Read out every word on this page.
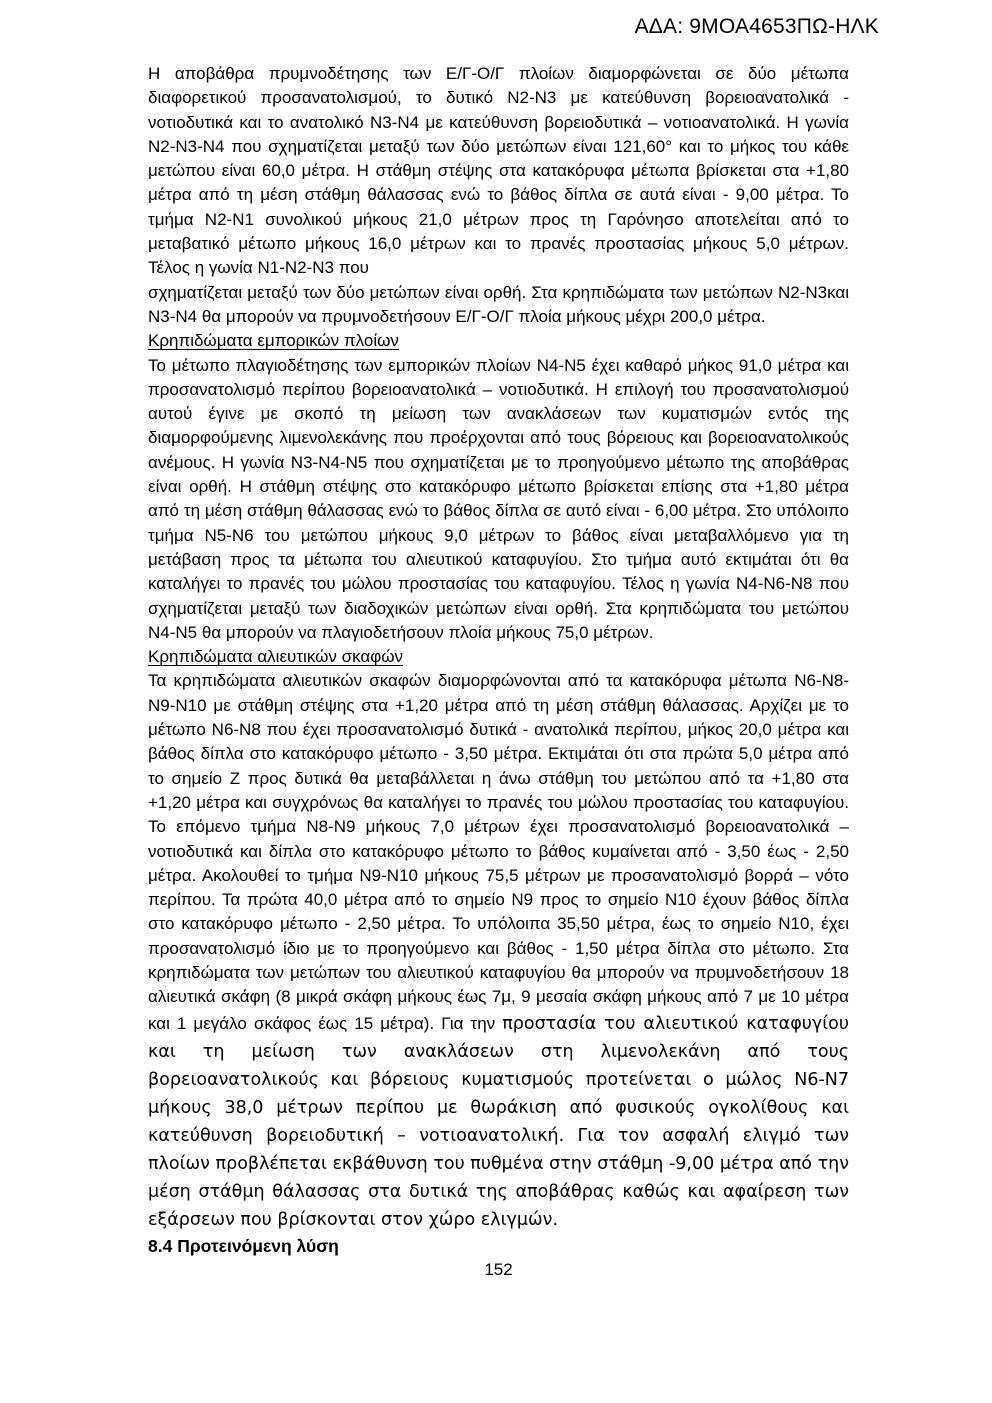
ΑΔΑ: 9ΜΟΑ4653ΠΩ-ΗΛΚ

Η αποβάθρα πρυμνοδέτησης των Ε/Γ-Ο/Γ πλοίων διαμορφώνεται σε δύο μέτωπα διαφορετικού προσανατολισμού, το δυτικό Ν2-Ν3 με κατεύθυνση βορειοανατολικά - νοτιοδυτικά και το ανατολικό Ν3-Ν4 με κατεύθυνση βορειοδυτικά – νοτιοανατολικά. Η γωνία Ν2-Ν3-Ν4 που σχηματίζεται μεταξύ των δύο μετώπων είναι 121,60° και το μήκος του κάθε μετώπου είναι 60,0 μέτρα. Η στάθμη στέψης στα κατακόρυφα μέτωπα βρίσκεται στα +1,80 μέτρα από τη μέση στάθμη θάλασσας ενώ το βάθος δίπλα σε αυτά είναι - 9,00 μέτρα. Το τμήμα Ν2-Ν1 συνολικού μήκους 21,0 μέτρων προς τη Γαρόνησο αποτελείται από το μεταβατικό μέτωπο μήκους 16,0 μέτρων και το πρανές προστασίας μήκους 5,0 μέτρων. Τέλος η γωνία Ν1-Ν2-Ν3 που

σχηματίζεται μεταξύ των δύο μετώπων είναι ορθή. Στα κρηπιδώματα των μετώπων Ν2-Ν3και Ν3-Ν4 θα μπορούν να πρυμνοδετήσουν Ε/Γ-Ο/Γ πλοία μήκους μέχρι 200,0 μέτρα.

Κρηπιδώματα εμπορικών πλοίων

Το μέτωπο πλαγιοδέτησης των εμπορικών πλοίων Ν4-Ν5 έχει καθαρό μήκος 91,0 μέτρα και προσανατολισμό περίπου βορειοανατολικά – νοτιοδυτικά. Η επιλογή του προσανατολισμού αυτού έγινε με σκοπό τη μείωση των ανακλάσεων των κυματισμών εντός της διαμορφούμενης λιμενολεκάνης που προέρχονται από τους βόρειους και βορειοανατολικούς ανέμους. Η γωνία Ν3-Ν4-Ν5 που σχηματίζεται με το προηγούμενο μέτωπο της αποβάθρας είναι ορθή. Η στάθμη στέψης στο κατακόρυφο μέτωπο βρίσκεται επίσης στα +1,80 μέτρα από τη μέση στάθμη θάλασσας ενώ το βάθος δίπλα σε αυτό είναι - 6,00 μέτρα. Στο υπόλοιπο τμήμα Ν5-Ν6 του μετώπου μήκους 9,0 μέτρων το βάθος είναι μεταβαλλόμενο για τη μετάβαση προς τα μέτωπα του αλιευτικού καταφυγίου. Στο τμήμα αυτό εκτιμάται ότι θα καταλήγει το πρανές του μώλου προστασίας του καταφυγίου. Τέλος η γωνία Ν4-Ν6-Ν8 που σχηματίζεται μεταξύ των διαδοχικών μετώπων είναι ορθή. Στα κρηπιδώματα του μετώπου Ν4-Ν5 θα μπορούν να πλαγιοδετήσουν πλοία μήκους 75,0 μέτρων.

Κρηπιδώματα αλιευτικών σκαφών

Τα κρηπιδώματα αλιευτικών σκαφών διαμορφώνονται από τα κατακόρυφα μέτωπα Ν6-Ν8-Ν9-Ν10 με στάθμη στέψης στα +1,20 μέτρα από τη μέση στάθμη θάλασσας. Αρχίζει με το μέτωπο Ν6-Ν8 που έχει προσανατολισμό δυτικά - ανατολικά περίπου, μήκος 20,0 μέτρα και βάθος δίπλα στο κατακόρυφο μέτωπο - 3,50 μέτρα. Εκτιμάται ότι στα πρώτα 5,0 μέτρα από το σημείο Ζ προς δυτικά θα μεταβάλλεται η άνω στάθμη του μετώπου από τα +1,80 στα +1,20 μέτρα και συγχρόνως θα καταλήγει το πρανές του μώλου προστασίας του καταφυγίου. Το επόμενο τμήμα Ν8-Ν9 μήκους 7,0 μέτρων έχει προσανατολισμό βορειοανατολικά – νοτιοδυτικά και δίπλα στο κατακόρυφο μέτωπο το βάθος κυμαίνεται από - 3,50 έως - 2,50 μέτρα. Ακολουθεί το τμήμα Ν9-Ν10 μήκους 75,5 μέτρων με προσανατολισμό βορρά – νότο περίπου. Τα πρώτα 40,0 μέτρα από το σημείο Ν9 προς το σημείο Ν10 έχουν βάθος δίπλα στο κατακόρυφο μέτωπο - 2,50 μέτρα. Το υπόλοιπα 35,50 μέτρα, έως το σημείο Ν10, έχει προσανατολισμό ίδιο με το προηγούμενο και βάθος - 1,50 μέτρα δίπλα στο μέτωπο. Στα κρηπιδώματα των μετώπων του αλιευτικού καταφυγίου θα μπορούν να πρυμνοδετήσουν 18 αλιευτικά σκάφη (8 μικρά σκάφη μήκους έως 7μ, 9 μεσαία σκάφη μήκους από 7 με 10 μέτρα και 1 μεγάλο σκάφος έως 15 μέτρα). Για την προστασία του αλιευτικού καταφυγίου και τη μείωση των ανακλάσεων στη λιμενολεκάνη από τους βορειοανατολικούς και βόρειους κυματισμούς προτείνεται ο μώλος Ν6-Ν7 μήκους 38,0 μέτρων περίπου με θωράκιση από φυσικούς ογκολίθους και κατεύθυνση βορειοδυτική – νοτιοανατολική. Για τον ασφαλή ελιγμό των πλοίων προβλέπεται εκβάθυνση του πυθμένα στην στάθμη -9,00 μέτρα από την μέση στάθμη θάλασσας στα δυτικά της αποβάθρας καθώς και αφαίρεση των εξάρσεων που βρίσκονται στον χώρο ελιγμών.

8.4 Προτεινόμενη λύση

152
